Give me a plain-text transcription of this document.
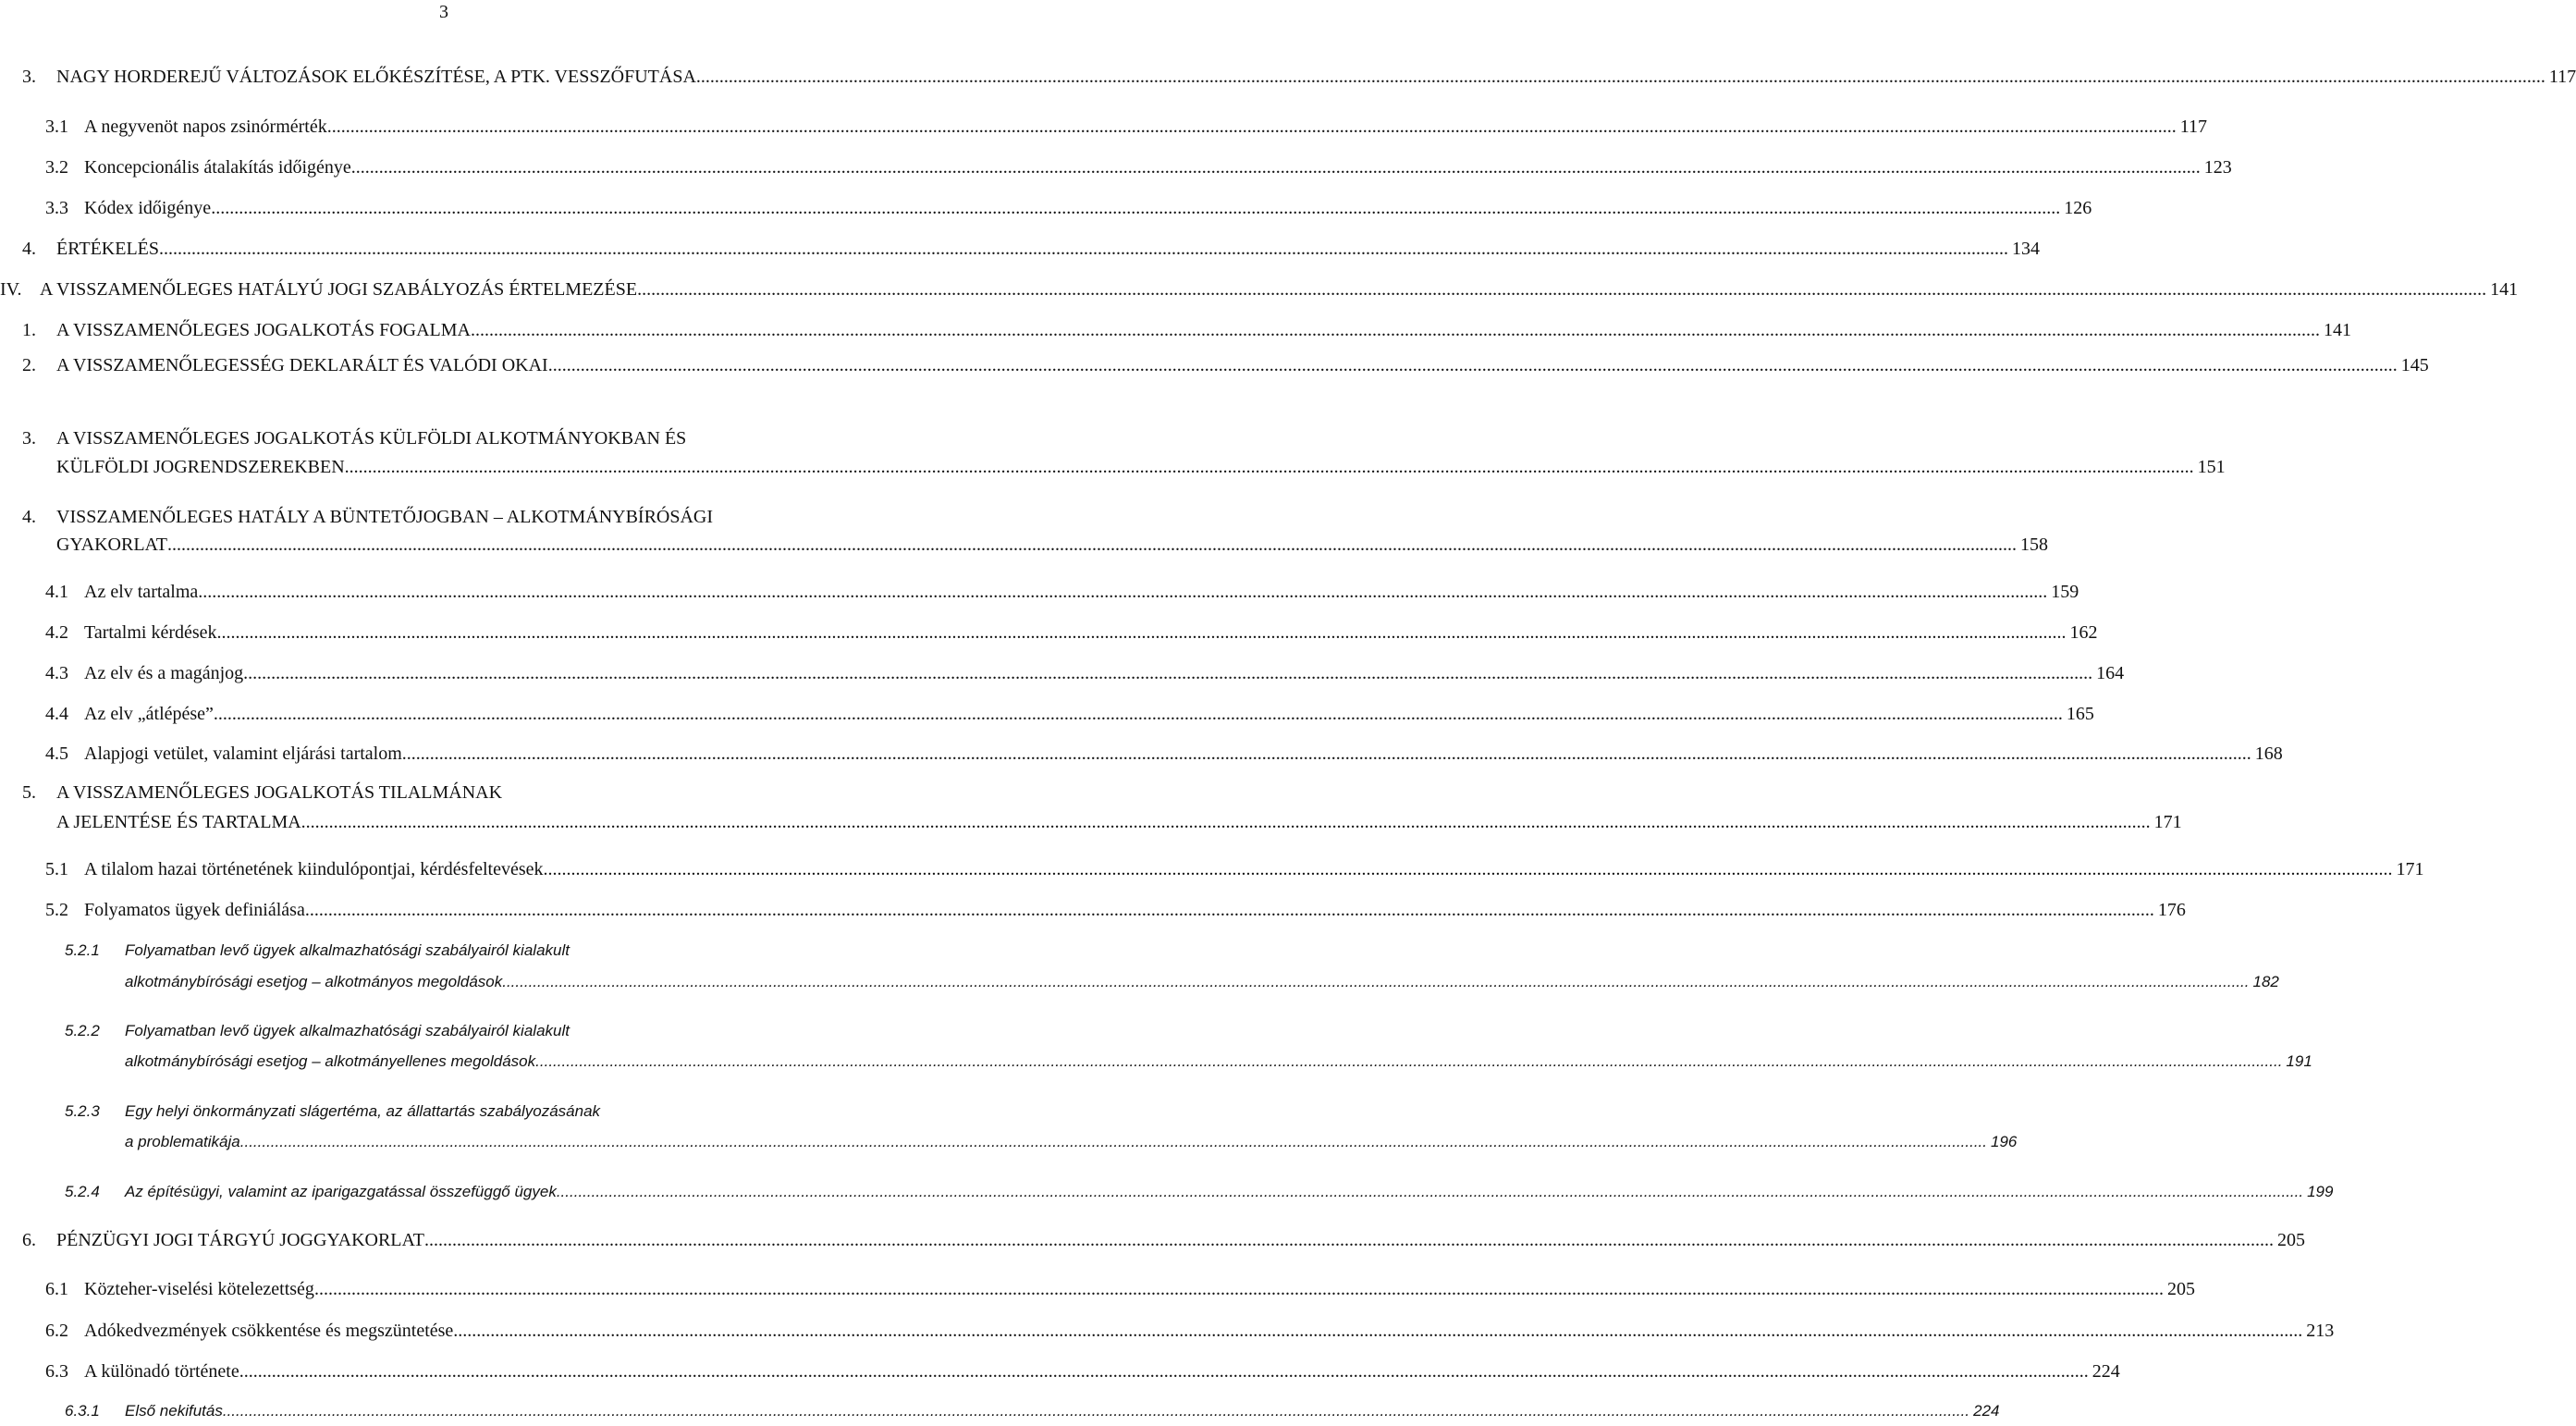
3
3. NAGY HORDEREJŰ VÁLTOZÁSOK ELŐKÉSZÍTÉSE, A PTK. VESSZŐFUTÁSA ................................................................................................................................................................................................................................................................................................................................................................................................................ 117
3.1 A negyvenöt napos zsinórmérték ................................................................................................................................................................................................................................................................................................................................................................................................................ 117
3.2 Koncepcionális átalakítás időigénye ................................................................................................................................................................................................................................................................................................................................................................................................................ 123
3.3 Kódex időigénye ................................................................................................................................................................................................................................................................................................................................................................................................................ 126
4. ÉRTÉKELÉS ................................................................................................................................................................................................................................................................................................................................................................................................................ 134
IV. A VISSZAMENŐLEGES HATÁLYÚ JOGI SZABÁLYOZÁS ÉRTELMEZÉSE ................................................................................................................................................................................................................................................................................................................................................................................................................ 141
1. A VISSZAMENŐLEGES JOGALKOTÁS FOGALMA ................................................................................................................................................................................................................................................................................................................................................................................................................ 141
2. A VISSZAMENŐLEGESSÉG DEKLARÁLT ÉS VALÓDI OKAI ................................................................................................................................................................................................................................................................................................................................................................................................................ 145
3. A VISSZAMENŐLEGES JOGALKOTÁS KÜLFÖLDI ALKOTMÁNYOKBAN ÉS
KÜLFÖLDI JOGRENDSZEREKBEN ................................................................................................................................................................................................................................................................................................................................................................................................................ 151
4. VISSZAMENŐLEGES HATÁLY A BÜNTETŐJOGBAN – ALKOTMÁNYBÍRÓSÁGI
GYAKORLAT ................................................................................................................................................................................................................................................................................................................................................................................................................ 158
4.1 Az elv tartalma ................................................................................................................................................................................................................................................................................................................................................................................................................ 159
4.2 Tartalmi kérdések ................................................................................................................................................................................................................................................................................................................................................................................................................ 162
4.3 Az elv és a magánjog ................................................................................................................................................................................................................................................................................................................................................................................................................ 164
4.4 Az elv „átlépése” ................................................................................................................................................................................................................................................................................................................................................................................................................ 165
4.5 Alapjogi vetület, valamint eljárási tartalom ................................................................................................................................................................................................................................................................................................................................................................................................................ 168
5. A VISSZAMENŐLEGES JOGALKOTÁS TILALMÁNAK
A JELENTÉSE ÉS TARTALMA ................................................................................................................................................................................................................................................................................................................................................................................................................ 171
5.1 A tilalom hazai történetének kiindulópontjai, kérdésfeltevések ................................................................................................................................................................................................................................................................................................................................................................................................................ 171
5.2 Folyamatos ügyek definiálása ................................................................................................................................................................................................................................................................................................................................................................................................................ 176
5.2.1 Folyamatban levő ügyek alkalmazhatósági szabályairól kialakult
alkotmánybírósági esetjog – alkotmányos megoldások ................................................................................................................................................................................................................................................................................................................................................................................................................ 182
5.2.2 Folyamatban levő ügyek alkalmazhatósági szabályairól kialakult
alkotmánybírósági esetjog – alkotmányellenes megoldások ................................................................................................................................................................................................................................................................................................................................................................................................................ 191
5.2.3 Egy helyi önkormányzati slágertéma, az állattartás szabályozásának
a problematikája ................................................................................................................................................................................................................................................................................................................................................................................................................ 196
5.2.4 Az építésügyi, valamint az iparigazgatással összefüggő ügyek ................................................................................................................................................................................................................................................................................................................................................................................................................ 199
6. PÉNZÜGYI JOGI TÁRGYÚ JOGGYAKORLAT ................................................................................................................................................................................................................................................................................................................................................................................................................ 205
6.1 Közteher-viselési kötelezettség ................................................................................................................................................................................................................................................................................................................................................................................................................ 205
6.2 Adókedvezmények csökkentése és megszüntetése ................................................................................................................................................................................................................................................................................................................................................................................................................ 213
6.3 A különadó története ................................................................................................................................................................................................................................................................................................................................................................................................................ 224
6.3.1 Első nekifutás ................................................................................................................................................................................................................................................................................................................................................................................................................ 224
